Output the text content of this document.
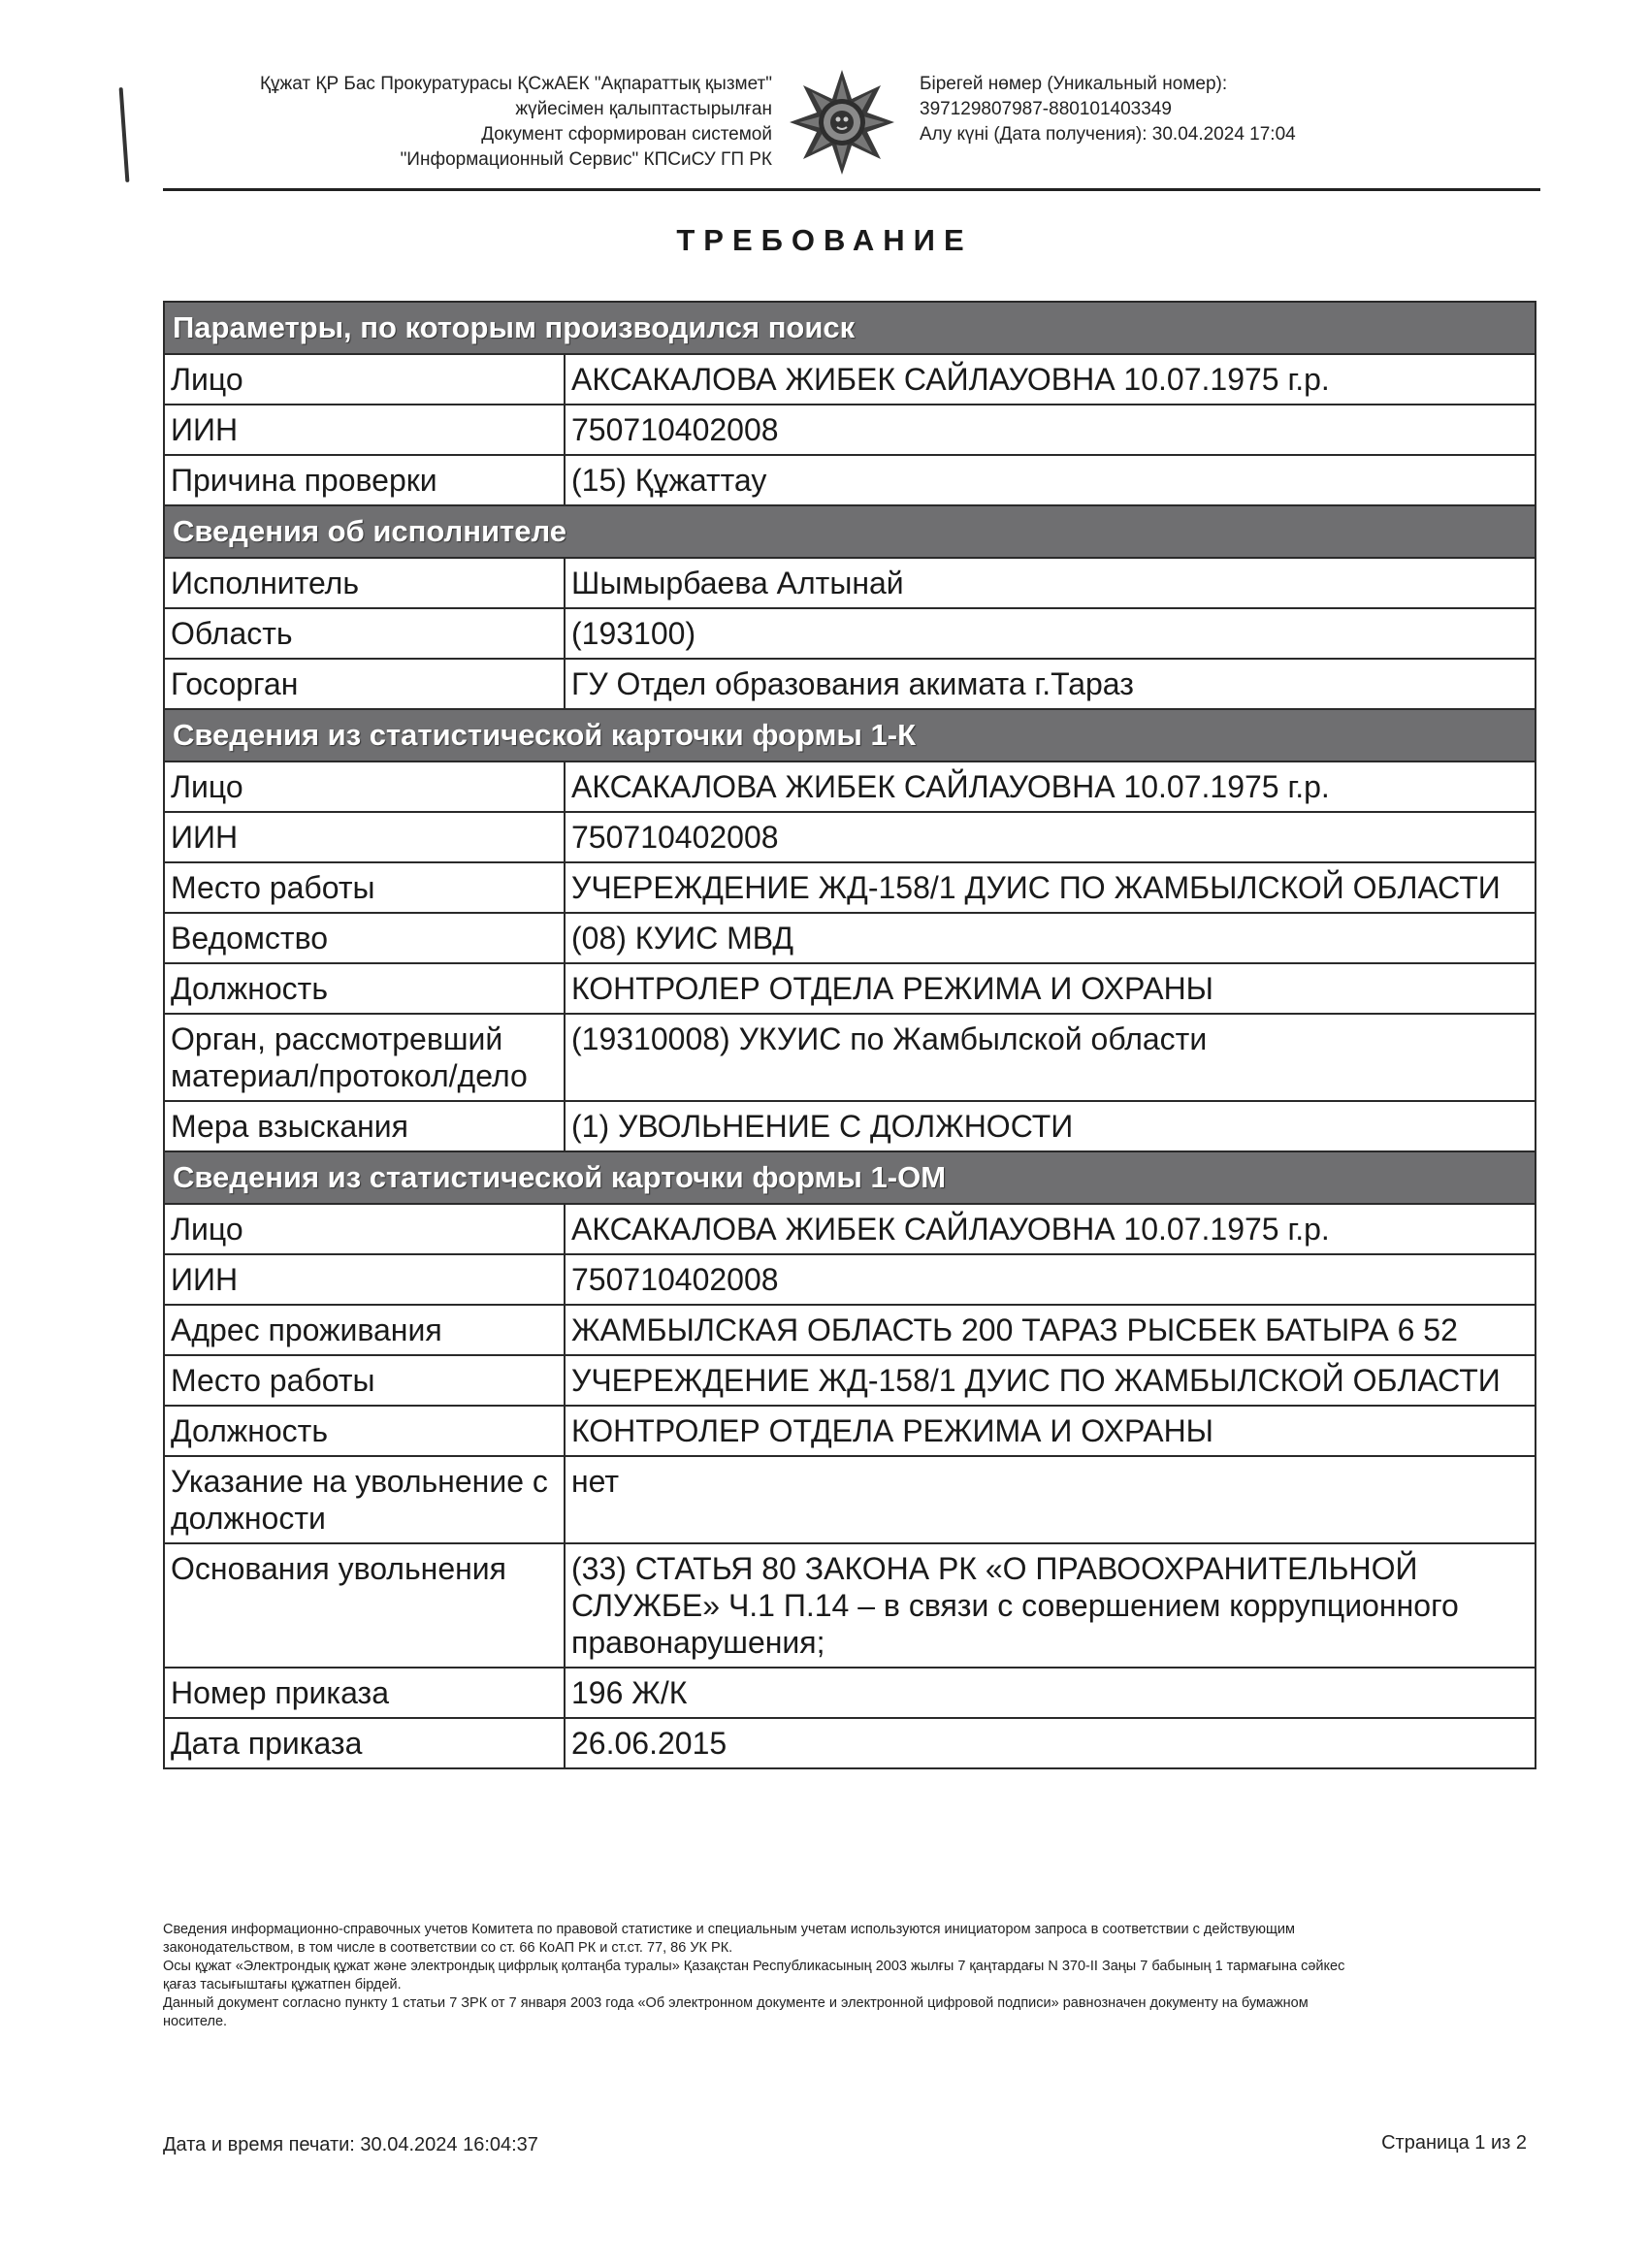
Құжат ҚР Бас Прокуратурасы ҚСжАЕК "Ақпараттық қызмет"
жүйесімен қалыптастырылған
Документ сформирован системой
"Информационный Сервис" КПСиСУ ГП РК
Бірегей нөмер (Уникальный номер):
397129807987-880101403349
Алу күні (Дата получения): 30.04.2024 17:04
ТРЕБОВАНИЕ
Параметры, по которым производился поиск	
Лицо	АКСАКАЛОВА ЖИБЕК САЙЛАУОВНА 10.07.1975 г.р.
ИИН	750710402008
Причина проверки	(15) Құжаттау
Сведения об исполнителе	
Исполнитель	Шымырбаева Алтынай
Область	(193100)
Госорган	ГУ Отдел образования акимата г.Тараз
Сведения из статистической карточки формы 1-К	
Лицо	АКСАКАЛОВА ЖИБЕК САЙЛАУОВНА 10.07.1975 г.р.
ИИН	750710402008
Место работы	УЧЕРЕЖДЕНИЕ ЖД-158/1 ДУИС ПО ЖАМБЫЛСКОЙ ОБЛАСТИ
Ведомство	(08) КУИС МВД
Должность	КОНТРОЛЕР ОТДЕЛА РЕЖИМА И ОХРАНЫ
Орган, рассмотревший материал/протокол/дело	(19310008) УКУИС по Жамбылской области
Мера взыскания	(1) УВОЛЬНЕНИЕ С ДОЛЖНОСТИ
Сведения из статистической карточки формы 1-ОМ	
Лицо	АКСАКАЛОВА ЖИБЕК САЙЛАУОВНА 10.07.1975 г.р.
ИИН	750710402008
Адрес проживания	ЖАМБЫЛСКАЯ ОБЛАСТЬ 200 ТАРАЗ РЫСБЕК БАТЫРА 6 52
Место работы	УЧЕРЕЖДЕНИЕ ЖД-158/1 ДУИС ПО ЖАМБЫЛСКОЙ ОБЛАСТИ
Должность	КОНТРОЛЕР ОТДЕЛА РЕЖИМА И ОХРАНЫ
Указание на увольнение с должности	нет
Основания увольнения	(33) СТАТЬЯ 80 ЗАКОНА РК «О ПРАВООХРАНИТЕЛЬНОЙ СЛУЖБЕ» Ч.1 П.14 – в связи с совершением коррупционного правонарушения;
Номер приказа	196 Ж/К
Дата приказа	26.06.2015
Сведения информационно-справочных учетов Комитета по правовой статистике и специальным учетам используются инициатором запроса в соответствии с действующим
законодательством, в том числе в соответствии со ст. 66 КоАП РК и ст.ст. 77, 86 УК РК.
Осы құжат «Электрондық құжат және электрондық цифрлық қолтаңба туралы» Қазақстан Республикасының 2003 жылғы 7 қаңтардағы N 370-II Заңы 7 бабының 1 тармағына сәйкес
қағаз тасығыштағы құжатпен бірдей.
Данный документ согласно пункту 1 статьи 7 ЗРК от 7 января 2003 года «Об электронном документе и электронной цифровой подписи» равнозначен документу на бумажном
носителе.
Дата и время печати: 30.04.2024 16:04:37	Страница 1 из 2
